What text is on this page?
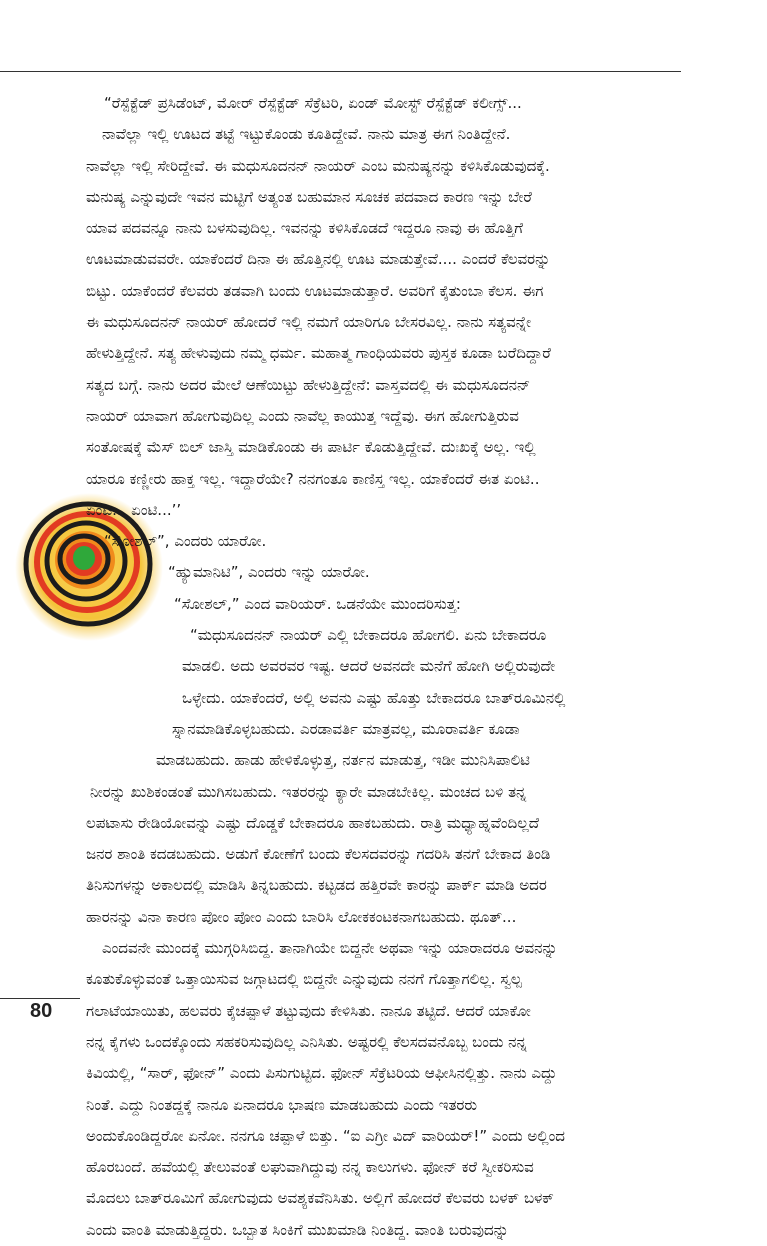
“ರೆಸ್ಪೆಕ್ಟೆಡ್ ಪ್ರಸಿಡೆಂಟ್, ಮೋರ್ ರೆಸ್ಪೆಕ್ಟೆಡ್ ಸೆಕ್ರೆಟರಿ, ಏಂಡ್ ಮೋಸ್ಟ್ ರೆಸ್ಪೆಕ್ಟೆಡ್ ಕಲೀಗ್ಸ್...
ನಾವೆಲ್ಲಾ ಇಲ್ಲಿ ಊಟದ ತಟ್ಟೆ ಇಟ್ಟುಕೊಂಡು ಕೂತಿದ್ದೇವೆ. ನಾನು ಮಾತ್ರ ಈಗ ನಿಂತಿದ್ದೇನೆ.
ನಾವೆಲ್ಲಾ ಇಲ್ಲಿ ಸೇರಿದ್ದೇವೆ. ಈ ಮಧುಸೂದನನ್ ನಾಯರ್ ಎಂಬ ಮನುಷ್ಯನನ್ನು ಕಳಿಸಿಕೊಡುವುದಕ್ಕೆ.
ಮನುಷ್ಯ ಎನ್ನುವುದೇ ಇವನ ಮಟ್ಟಿಗೆ ಅತ್ಯಂತ ಬಹುಮಾನ ಸೂಚಕ ಪದವಾದ ಕಾರಣ ಇನ್ನು ಬೇರೆ
ಯಾವ ಪದವನ್ನೂ ನಾನು ಬಳಸುವುದಿಲ್ಲ. ಇವನನ್ನು ಕಳಿಸಿಕೊಡದೆ ಇದ್ದರೂ ನಾವು ಈ ಹೊತ್ತಿಗೆ
ಊಟಮಾಡುವವರೇ. ಯಾಕೆಂದರೆ ದಿನಾ ಈ ಹೊತ್ತಿನಲ್ಲಿ ಊಟ ಮಾಡುತ್ತೇವೆ.... ಎಂದರೆ ಕೆಲವರನ್ನು
ಬಿಟ್ಟು. ಯಾಕೆಂದರೆ ಕೆಲವರು ತಡವಾಗಿ ಬಂದು ಊಟಮಾಡುತ್ತಾರೆ. ಅವರಿಗೆ ಕೈತುಂಬಾ ಕೆಲಸ. ಈಗ
ಈ ಮಧುಸೂದನನ್ ನಾಯರ್ ಹೋದರೆ ಇಲ್ಲಿ ನಮಗೆ ಯಾರಿಗೂ ಬೇಸರವಿಲ್ಲ. ನಾನು ಸತ್ಯವನ್ನೇ
ಹೇಳುತ್ತಿದ್ದೇನೆ. ಸತ್ಯ ಹೇಳುವುದು ನಮ್ಮ ಧರ್ಮ. ಮಹಾತ್ಮ ಗಾಂಧಿಯವರು ಪುಸ್ತಕ ಕೂಡಾ ಬರೆದಿದ್ದಾರೆ
ಸತ್ಯದ ಬಗ್ಗೆ. ನಾನು ಅದರ ಮೇಲೆ ಆಣೆಯಿಟ್ಟು ಹೇಳುತ್ತಿದ್ದೇನೆ: ವಾಸ್ತವದಲ್ಲಿ ಈ ಮಧುಸೂದನನ್
ನಾಯರ್ ಯಾವಾಗ ಹೋಗುವುದಿಲ್ಲ ಎಂದು ನಾವೆಲ್ಲ ಕಾಯುತ್ತ ಇದ್ದೆವು. ಈಗ ಹೋಗುತ್ತಿರುವ
ಸಂತೋಷಕ್ಕೆ ಮೆಸ್ ಬಿಲ್ ಜಾಸ್ತಿ ಮಾಡಿಕೊಂಡು ಈ ಪಾರ್ಟಿ ಕೊಡುತ್ತಿದ್ದೇವೆ. ದುಃಖಕ್ಕೆ ಅಲ್ಲ. ಇಲ್ಲಿ
ಯಾರೂ ಕಣ್ಣೀರು ಹಾಕ್ತ ಇಲ್ಲ. ಇದ್ದಾರೆಯೇ? ನನಗಂತೂ ಕಾಣಿಸ್ತ ಇಲ್ಲ. ಯಾಕೆಂದರೆ ಈತ ಏಂಟಿ..
ಏಂಟಿ... ಏಂಟಿ...’’
“ಸೋಶಲ್”, ಎಂದರು ಯಾರೋ.
“ಹ್ಯುಮಾನಿಟಿ”, ಎಂದರು ಇನ್ನು ಯಾರೋ.
“ಸೋಶಲ್,” ಎಂದ ವಾರಿಯರ್. ಒಡನೆಯೇ ಮುಂದರಿಸುತ್ತ:
“ಮಧುಸೂದನನ್ ನಾಯರ್ ಎಲ್ಲಿ ಬೇಕಾದರೂ ಹೋಗಲಿ. ಏನು ಬೇಕಾದರೂ
ಮಾಡಲಿ. ಅದು ಅವರವರ ಇಷ್ಟ. ಆದರೆ ಅವನದೇ ಮನೆಗೆ ಹೋಗಿ ಅಲ್ಲಿರುವುದೇ
ಒಳ್ಳೇದು. ಯಾಕೆಂದರೆ, ಅಲ್ಲಿ ಅವನು ಎಷ್ಟು ಹೊತ್ತು ಬೇಕಾದರೂ ಬಾತ್‌ರೂಮಿನಲ್ಲಿ
ಸ್ನಾನಮಾಡಿಕೊಳ್ಳಬಹುದು. ಎರಡಾವರ್ತಿ ಮಾತ್ರವಲ್ಲ, ಮೂರಾವರ್ತಿ ಕೂಡಾ
ಮಾಡಬಹುದು. ಹಾಡು ಹೇಳಿಕೊಳ್ಳುತ್ತ, ನರ್ತನ ಮಾಡುತ್ತ, ಇಡೀ ಮುನಿಸಿಪಾಲಿಟಿ
ನೀರನ್ನು ಖುಶಿಕಂಡಂತೆ ಮುಗಿಸಬಹುದು. ಇತರರನ್ನು ಕ್ಯಾರೇ ಮಾಡಬೇಕಿಲ್ಲ. ಮಂಚದ ಬಳಿ ತನ್ನ
ಲಪಟಾಸು ರೇಡಿಯೋವನ್ನು ಎಷ್ಟು ದೊಡ್ಡಕೆ ಬೇಕಾದರೂ ಹಾಕಬಹುದು. ರಾತ್ರಿ ಮಧ್ಯಾಹ್ನವೆಂದಿಲ್ಲದೆ
ಜನರ ಶಾಂತಿ ಕದಡಬಹುದು. ಅಡುಗೆ ಕೋಣೆಗೆ ಬಂದು ಕೆಲಸದವರನ್ನು ಗದರಿಸಿ ತನಗೆ ಬೇಕಾದ ತಿಂಡಿ
ತಿನಿಸುಗಳನ್ನು ಅಕಾಲದಲ್ಲಿ ಮಾಡಿಸಿ ತಿನ್ನಬಹುದು. ಕಟ್ಟಡದ ಹತ್ತಿರವೇ ಕಾರನ್ನು ಪಾರ್ಕ್ ಮಾಡಿ ಅದರ
ಹಾರನನ್ನು ವಿನಾ ಕಾರಣ ಪೋಂ ಪೋಂ ಎಂದು ಬಾರಿಸಿ ಲೋಕಕಂಟಕನಾಗಬಹುದು. ಥೂತ್...
ಎಂದವನೇ ಮುಂದಕ್ಕೆ ಮುಗ್ಗರಿಸಿಬಿದ್ದ. ತಾನಾಗಿಯೇ ಬಿದ್ದನೇ ಅಥವಾ ಇನ್ನು ಯಾರಾದರೂ ಅವನನ್ನು
ಕೂತುಕೊಳ್ಳುವಂತೆ ಒತ್ತಾಯಿಸುವ ಜಗ್ಗಾಟದಲ್ಲಿ ಬಿದ್ದನೇ ಎನ್ನುವುದು ನನಗೆ ಗೊತ್ತಾಗಲಿಲ್ಲ. ಸ್ವಲ್ಪ
ಗಲಾಟೆಯಾಯಿತು, ಹಲವರು ಕೈಚಪ್ಪಾಳೆ ತಟ್ಟುವುದು ಕೇಳಿಸಿತು. ನಾನೂ ತಟ್ಟಿದೆ. ಆದರೆ ಯಾಕೋ
ನನ್ನ ಕೈಗಳು ಒಂದಕ್ಕೊಂದು ಸಹಕರಿಸುವುದಿಲ್ಲ ಎನಿಸಿತು. ಅಷ್ಟರಲ್ಲಿ ಕೆಲಸದವನೊಬ್ಬ ಬಂದು ನನ್ನ
ಕಿವಿಯಲ್ಲಿ, “ಸಾರ್, ಫೋನ್” ಎಂದು ಪಿಸುಗುಟ್ಟಿದ. ಫೋನ್ ಸೆಕ್ರೆಟರಿಯ ಆಫೀಸಿನಲ್ಲಿತ್ತು. ನಾನು ಎದ್ದು
ನಿಂತೆ. ಎದ್ದು ನಿಂತದ್ದಕ್ಕೆ ನಾನೂ ಏನಾದರೂ ಭಾಷಣ ಮಾಡಬಹುದು ಎಂದು ಇತರರು
ಅಂದುಕೊಂಡಿದ್ದರೋ ಏನೋ. ನನಗೂ ಚಪ್ಪಾಳೆ ಬಿತ್ತು. “ಐ ಎಗ್ರೀ ವಿದ್ ವಾರಿಯರ್!” ಎಂದು ಅಲ್ಲಿಂದ
ಹೊರಬಂದೆ. ಹವೆಯಲ್ಲಿ ತೇಲುವಂತೆ ಲಘುವಾಗಿದ್ದುವು ನನ್ನ ಕಾಲುಗಳು. ಫೋನ್ ಕರೆ ಸ್ವೀಕರಿಸುವ
ಮೊದಲು ಬಾತ್‌ರೂಮಿಗೆ ಹೋಗುವುದು ಅವಶ್ಯಕವೆನಿಸಿತು. ಅಲ್ಲಿಗೆ ಹೋದರೆ ಕೆಲವರು ಬಳಕ್ ಬಳಕ್
ಎಂದು ವಾಂತಿ ಮಾಡುತ್ತಿದ್ದರು. ಒಬ್ಬಾತ ಸಿಂಕಿಗೆ ಮುಖಮಾಡಿ ನಿಂತಿದ್ದ. ವಾಂತಿ ಬರುವುದನ್ನು
80
